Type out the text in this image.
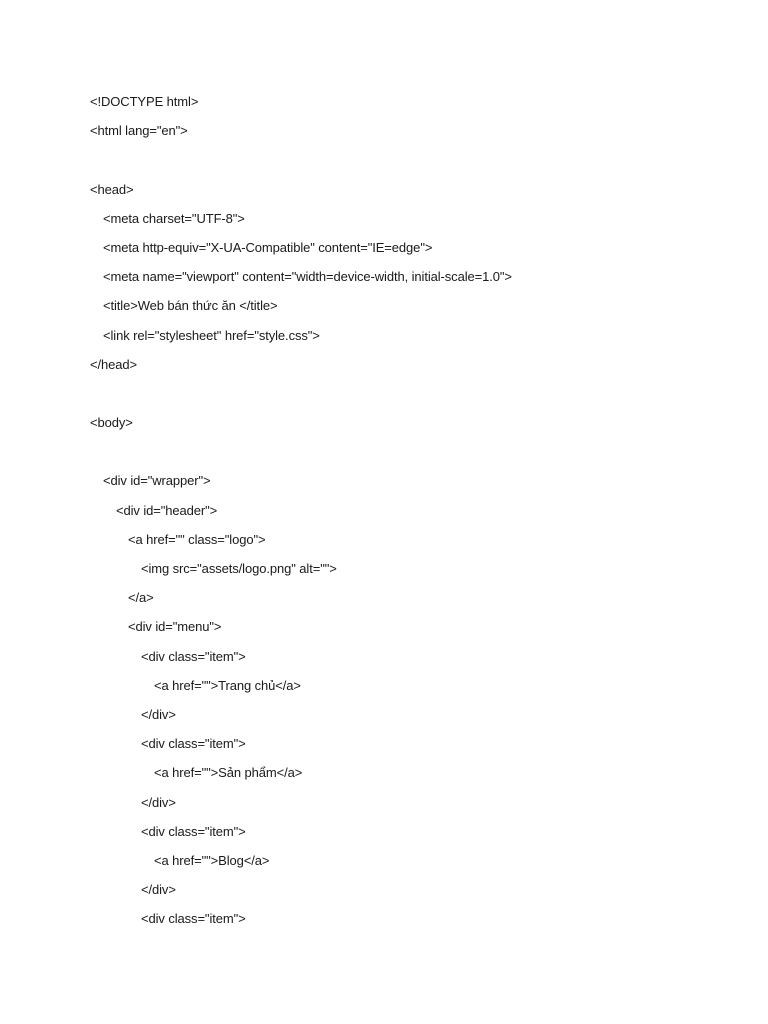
<!DOCTYPE html>
<html lang="en">
<head>
<meta charset="UTF-8">
<meta http-equiv="X-UA-Compatible" content="IE=edge">
<meta name="viewport" content="width=device-width, initial-scale=1.0">
<title>Web bán thức ăn </title>
<link rel="stylesheet" href="style.css">
</head>
<body>
<div id="wrapper">
<div id="header">
<a href="" class="logo">
<img src="assets/logo.png" alt="">
</a>
<div id="menu">
<div class="item">
<a href="">Trang chủ</a>
</div>
<div class="item">
<a href="">Sản phẩm</a>
</div>
<div class="item">
<a href="">Blog</a>
</div>
<div class="item">
